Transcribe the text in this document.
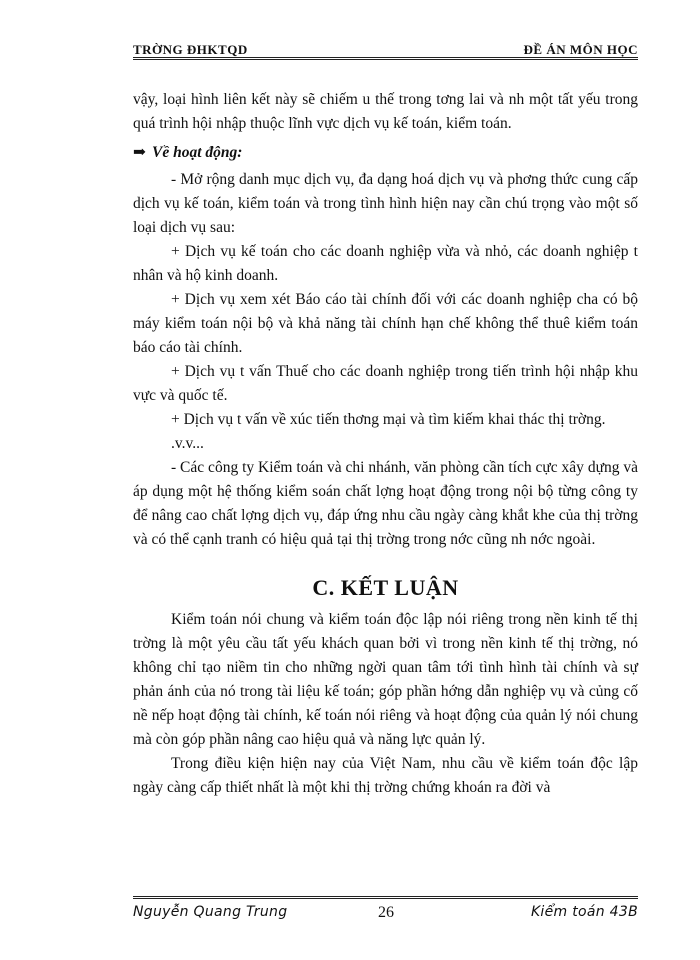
TRỜNG ĐHKTQD	ĐỀ ÁN MÔN HỌC

vậy, loại hình liên kết này sẽ chiếm u thế trong tơng lai và nh một tất yếu trong quá trình hội nhập thuộc lĩnh vực dịch vụ kế toán, kiểm toán.

➡ Về hoạt động:

- Mở rộng danh mục dịch vụ, đa dạng hoá dịch vụ và phơng thức cung cấp dịch vụ kế toán, kiểm toán và trong tình hình hiện nay cần chú trọng vào một số loại dịch vụ sau:

+ Dịch vụ kế toán cho các doanh nghiệp vừa và nhỏ, các doanh nghiệp t nhân và hộ kinh doanh.

+ Dịch vụ xem xét Báo cáo tài chính đối với các doanh nghiệp cha có bộ máy kiểm toán nội bộ và khả năng tài chính hạn chế không thể thuê kiểm toán báo cáo tài chính.

+ Dịch vụ t vấn Thuế cho các doanh nghiệp trong tiến trình hội nhập khu vực và quốc tế.

+ Dịch vụ t vấn về xúc tiến thơng mại và tìm kiếm khai thác thị trờng.

.v.v...

- Các công ty Kiểm toán và chi nhánh, văn phòng cần tích cực xây dựng và áp dụng một hệ thống kiểm soán chất lợng hoạt động trong nội bộ từng công ty để nâng cao chất lợng dịch vụ, đáp ứng nhu cầu ngày càng khắt khe của thị trờng và có thể cạnh tranh có hiệu quả tại thị trờng trong nớc cũng nh nớc ngoài.

C. KẾT LUẬN

Kiểm toán nói chung và kiểm toán độc lập nói riêng trong nền kinh tế thị trờng là một yêu cầu tất yếu khách quan bởi vì trong nền kinh tế thị trờng, nó không chỉ tạo niềm tin cho những ngời quan tâm tới tình hình tài chính và sự phản ánh của nó trong tài liệu kế toán; góp phần hớng dẫn nghiệp vụ và củng cố nề nếp hoạt động tài chính, kế toán nói riêng và hoạt động của quản lý nói chung mà còn góp phần nâng cao hiệu quả và năng lực quản lý.

Trong điều kiện hiện nay của Việt Nam, nhu cầu về kiểm toán độc lập ngày càng cấp thiết nhất là một khi thị trờng chứng khoán ra đời và

Nguyễn Quang Trung	26	Kiểm toán 43B
